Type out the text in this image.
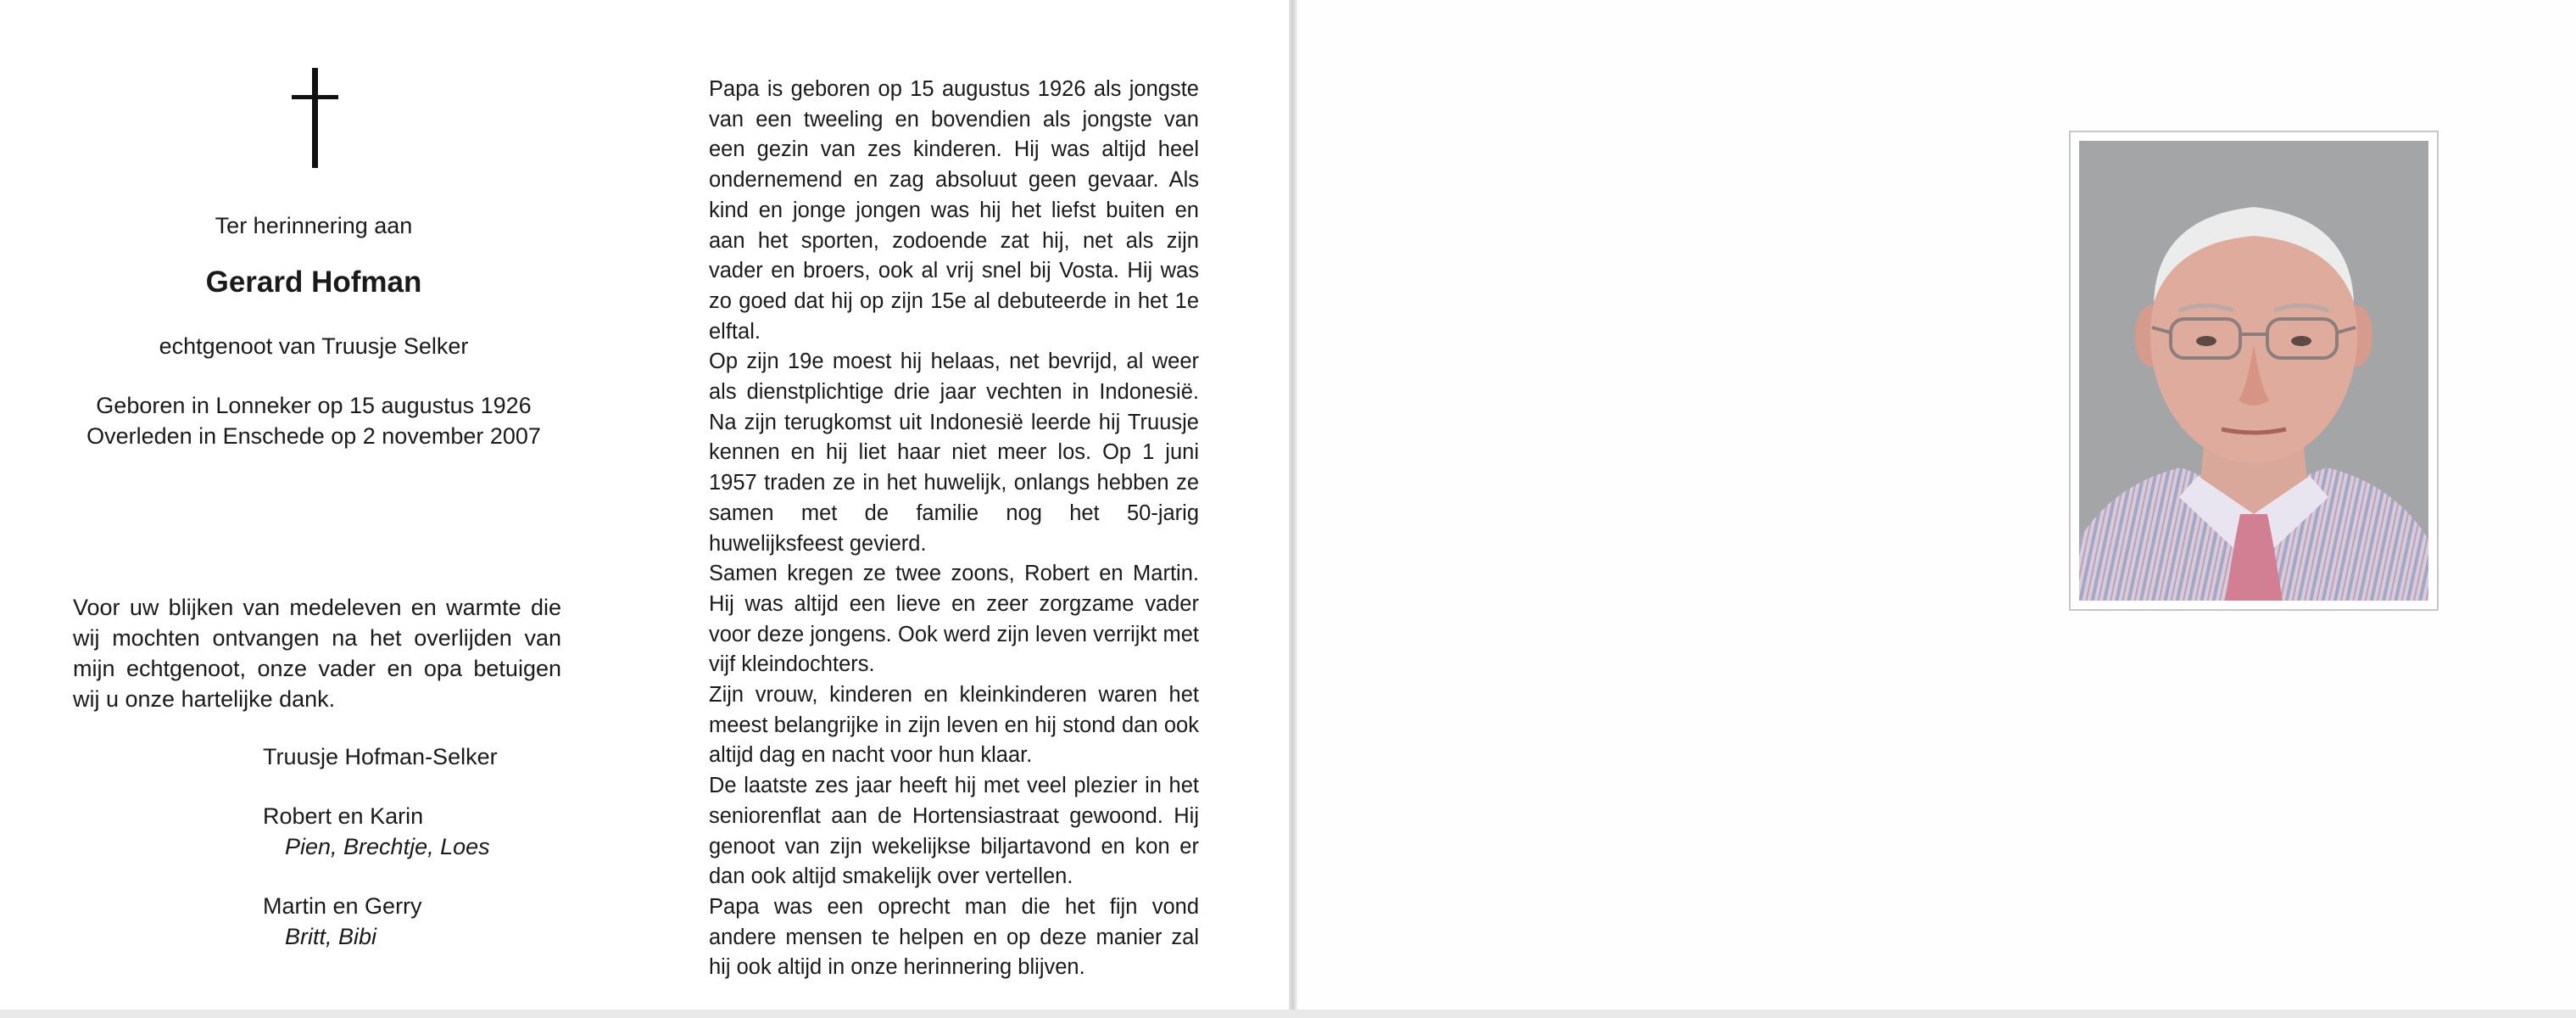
Ter herinnering aan
Gerard Hofman
echtgenoot van Truusje Selker
Geboren in Lonneker op 15 augustus 1926
Overleden in Enschede op 2 november 2007
Voor uw blijken van medeleven en warmte die wij mochten ontvangen na het overlijden van mijn echtgenoot, onze vader en opa betuigen wij u onze hartelijke dank.
Truusje Hofman-Selker
Robert en Karin
Pien, Brechtje, Loes
Martin en Gerry
Britt, Bibi

Papa is geboren op 15 augustus 1926 als jongste van een tweeling en bovendien als jongste van een gezin van zes kinderen. Hij was altijd heel ondernemend en zag absoluut geen gevaar. Als kind en jonge jongen was hij het liefst buiten en aan het sporten, zodoende zat hij, net als zijn vader en broers, ook al vrij snel bij Vosta. Hij was zo goed dat hij op zijn 15e al debuteerde in het 1e elftal.

Op zijn 19e moest hij helaas, net bevrijd, al weer als dienstplichtige drie jaar vechten in Indonesië. Na zijn terugkomst uit Indonesië leerde hij Truusje kennen en hij liet haar niet meer los. Op 1 juni 1957 traden ze in het huwelijk, onlangs hebben ze samen met de familie nog het 50-jarig huwelijksfeest gevierd.

Samen kregen ze twee zoons, Robert en Martin. Hij was altijd een lieve en zeer zorgzame vader voor deze jongens. Ook werd zijn leven verrijkt met vijf kleindochters.

Zijn vrouw, kinderen en kleinkinderen waren het meest belangrijke in zijn leven en hij stond dan ook altijd dag en nacht voor hun klaar.

De laatste zes jaar heeft hij met veel plezier in het seniorenflat aan de Hortensiastraat gewoond. Hij genoot van zijn wekelijkse biljartavond en kon er dan ook altijd smakelijk over vertellen.

Papa was een oprecht man die het fijn vond andere mensen te helpen en op deze manier zal hij ook altijd in onze herinnering blijven.
